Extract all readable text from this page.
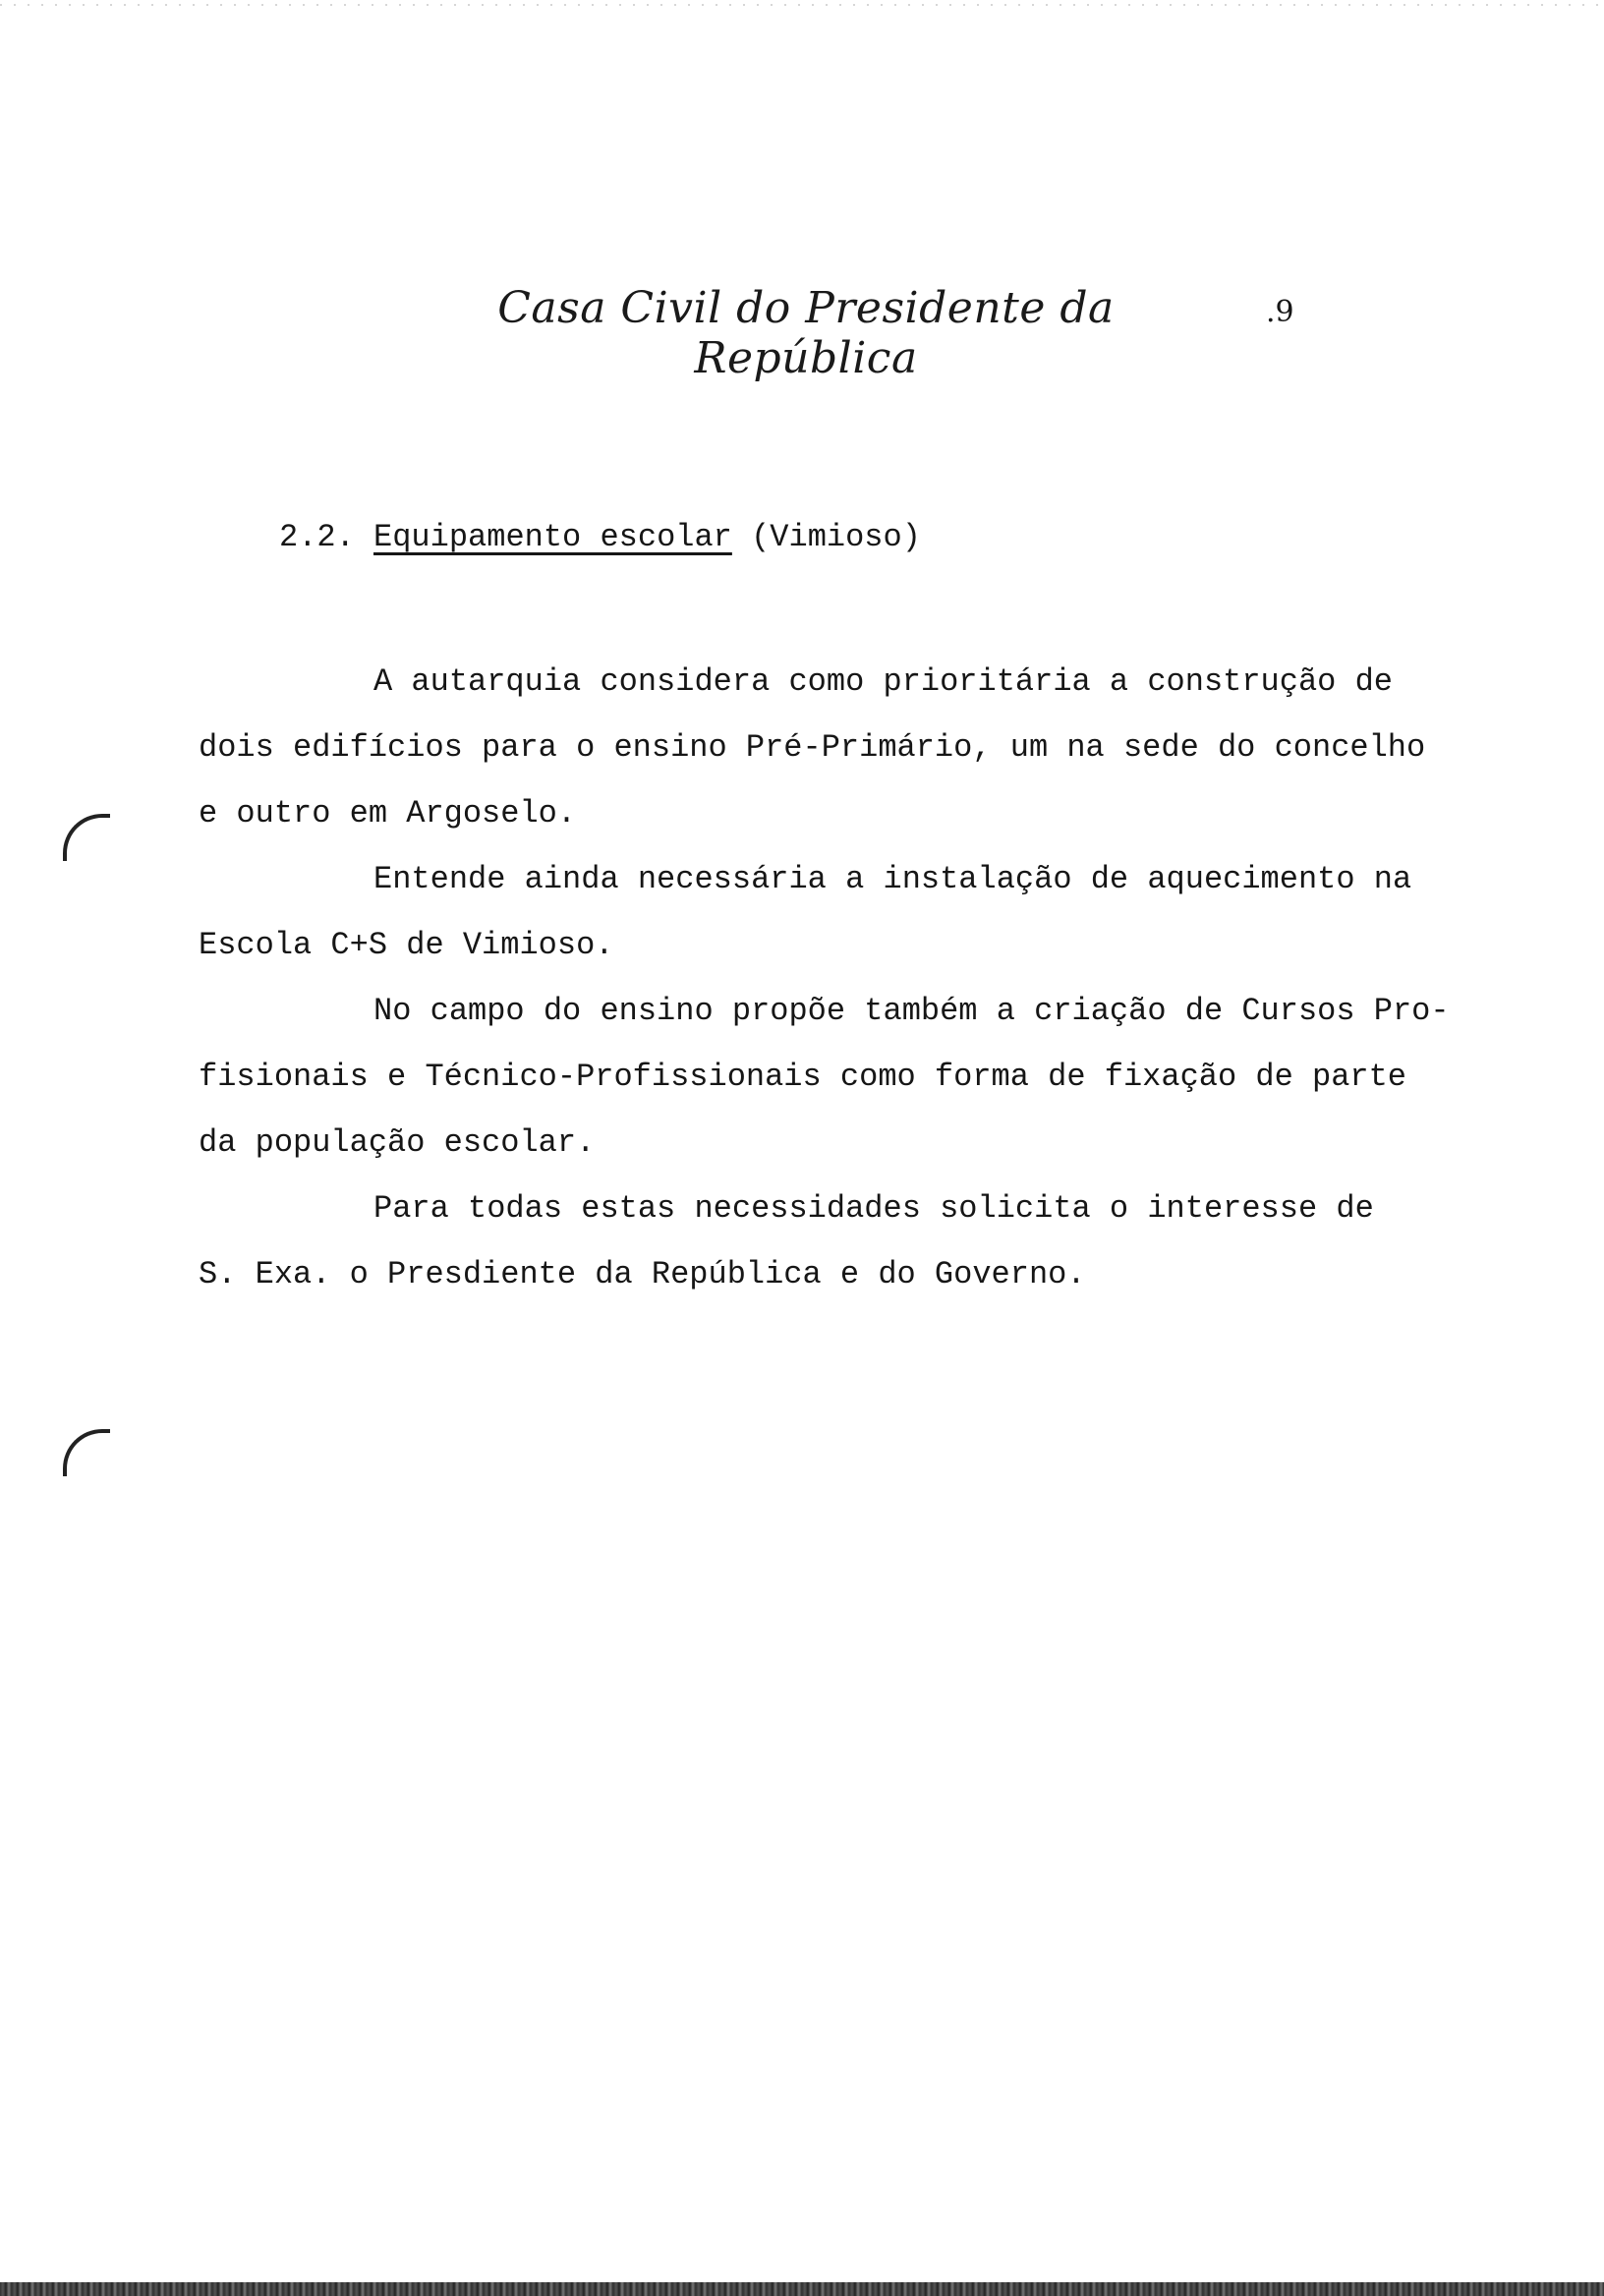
Casa Civil do Presidente da República
.9
2.2. Equipamento escolar (Vimioso)
A autarquia considera como prioritária a construção de
dois edifícios para o ensino Pré-Primário, um na sede do concelho
e outro em Argoselo.
Entende ainda necessária a instalação de aquecimento na
Escola C+S de Vimioso.
No campo do ensino propõe também a criação de Cursos Pro-
fisionais e Técnico-Profissionais como forma de fixação de parte
da população escolar.
Para todas estas necessidades solicita o interesse de
S. Exa. o Presdiente da República e do Governo.
